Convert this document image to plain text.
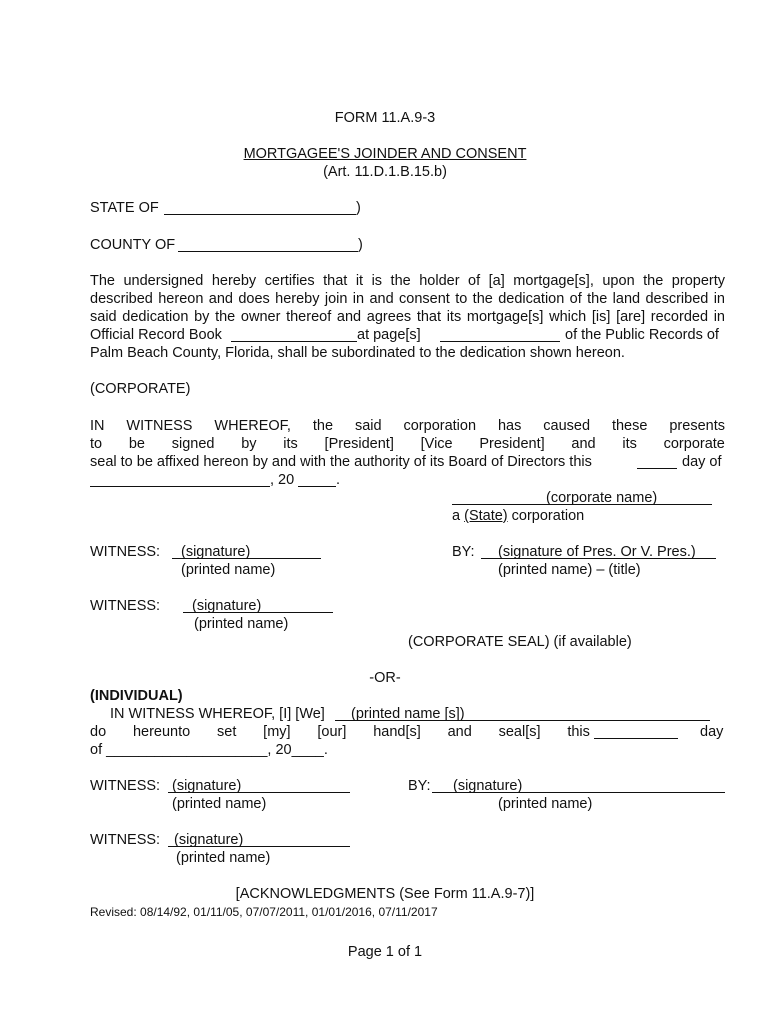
FORM 11.A.9-3
MORTGAGEE'S JOINDER AND CONSENT
(Art. 11.D.1.B.15.b)
STATE OF	)
COUNTY OF	)
The undersigned hereby certifies that it is the holder of [a] mortgage[s], upon the property
described hereon and does hereby join in and consent to the dedication of the land described in
said dedication by the owner thereof and agrees that its mortgage[s] which [is] [are] recorded in
Official Record Book	at page[s]	of the Public Records of
Palm Beach County, Florida, shall be subordinated to the dedication shown hereon.
(CORPORATE)
IN WITNESS WHEREOF, the said corporation has caused these presents
to be signed by its [President] [Vice President] and its corporate
seal to be affixed hereon by and with the authority of its Board of Directors this	day of
, 20	.
(corporate name)
a (State) corporation
WITNESS: (signature)
(printed name)
BY: (signature of Pres. Or V. Pres.)
(printed name) – (title)
WITNESS: (signature)
(printed name)
(CORPORATE SEAL) (if available)
-OR-
(INDIVIDUAL)
IN WITNESS WHEREOF, [I] [We] (printed name [s])
do hereunto set [my] [our] hand[s] and seal[s] this	day
of ____________________, 20____.
WITNESS: (signature)
(printed name)
BY: (signature)
(printed name)
WITNESS: (signature)
(printed name)
[ACKNOWLEDGMENTS (See Form 11.A.9-7)]
Revised: 08/14/92, 01/11/05, 07/07/2011, 01/01/2016, 07/11/2017
Page 1 of 1
